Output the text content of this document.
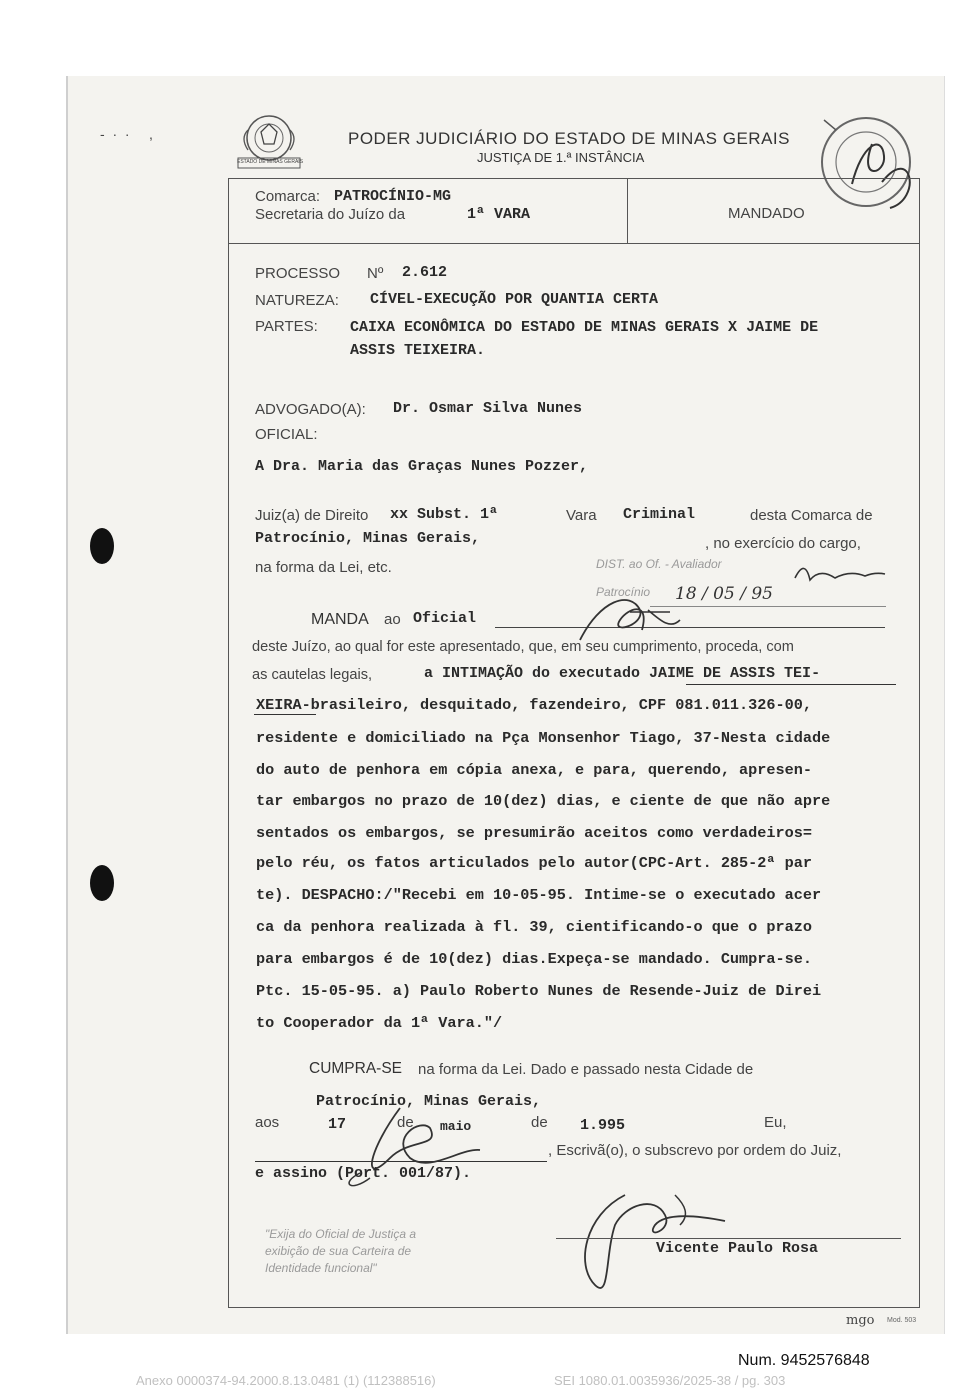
-  ·  ·     ,
ESTADO DE MINAS GERAIS
PODER JUDICIÁRIO DO ESTADO DE MINAS GERAIS
JUSTIÇA DE 1.ª INSTÂNCIA
Comarca: PATROCÍNIO-MG
Secretaria do Juízo da	1ª VARA	MANDADO
PROCESSO Nº 2.612
NATUREZA: CÍVEL-EXECUÇÃO POR QUANTIA CERTA
PARTES: CAIXA ECONÔMICA DO ESTADO DE MINAS GERAIS X JAIME DE
ASSIS TEIXEIRA.
ADVOGADO(A): Dr. Osmar Silva Nunes
OFICIAL:
A Dra. Maria das Graças Nunes Pozzer,
Juiz(a) de Direito xx Subst. 1ª	Vara Criminal	desta Comarca de
Patrocínio, Minas Gerais,	, no exercício do cargo,
na forma da Lei, etc.	DIST. ao Of. - Avaliador
Patrocínio 18 / 05 / 95
MANDA ao Oficial
deste Juízo, ao qual for este apresentado, que, em seu cumprimento, proceda, com
as cautelas legais,	a INTIMAÇÃO do executado JAIME DE ASSIS TEI-
XEIRA-brasileiro, desquitado, fazendeiro, CPF 081.011.326-00,
residente e domiciliado na Pça Monsenhor Tiago, 37-Nesta cidade
do auto de penhora em cópia anexa, e para, querendo, apresen-
tar embargos no prazo de 10(dez) dias, e ciente de que não apre
sentados os embargos, se presumirão aceitos como verdadeiros=
pelo réu, os fatos articulados pelo autor(CPC-Art. 285-2ª par
te). DESPACHO:/"Recebi em 10-05-95. Intime-se o executado acer
ca da penhora realizada à fl. 39, cientificando-o que o prazo
para embargos é de 10(dez) dias.Expeça-se mandado. Cumpra-se.
Ptc. 15-05-95. a) Paulo Roberto Nunes de Resende-Juiz de Direi
to Cooperador da 1ª Vara."/
CUMPRA-SE na forma da Lei. Dado e passado nesta Cidade de
Patrocínio, Minas Gerais,
aos	17	de maio	de 1.995	Eu,
, Escrivã(o), o subscrevo por ordem do Juiz,
e assino (Port. 001/87).
"Exija do Oficial de Justiça a
exibição de sua Carteira de
Identidade funcional"
Vicente Paulo Rosa
mgo Mod. 503
Num. 9452576848
Anexo 0000374-94.2000.8.13.0481 (1) (112388516)	SEI 1080.01.0035936/2025-38 / pg. 303
